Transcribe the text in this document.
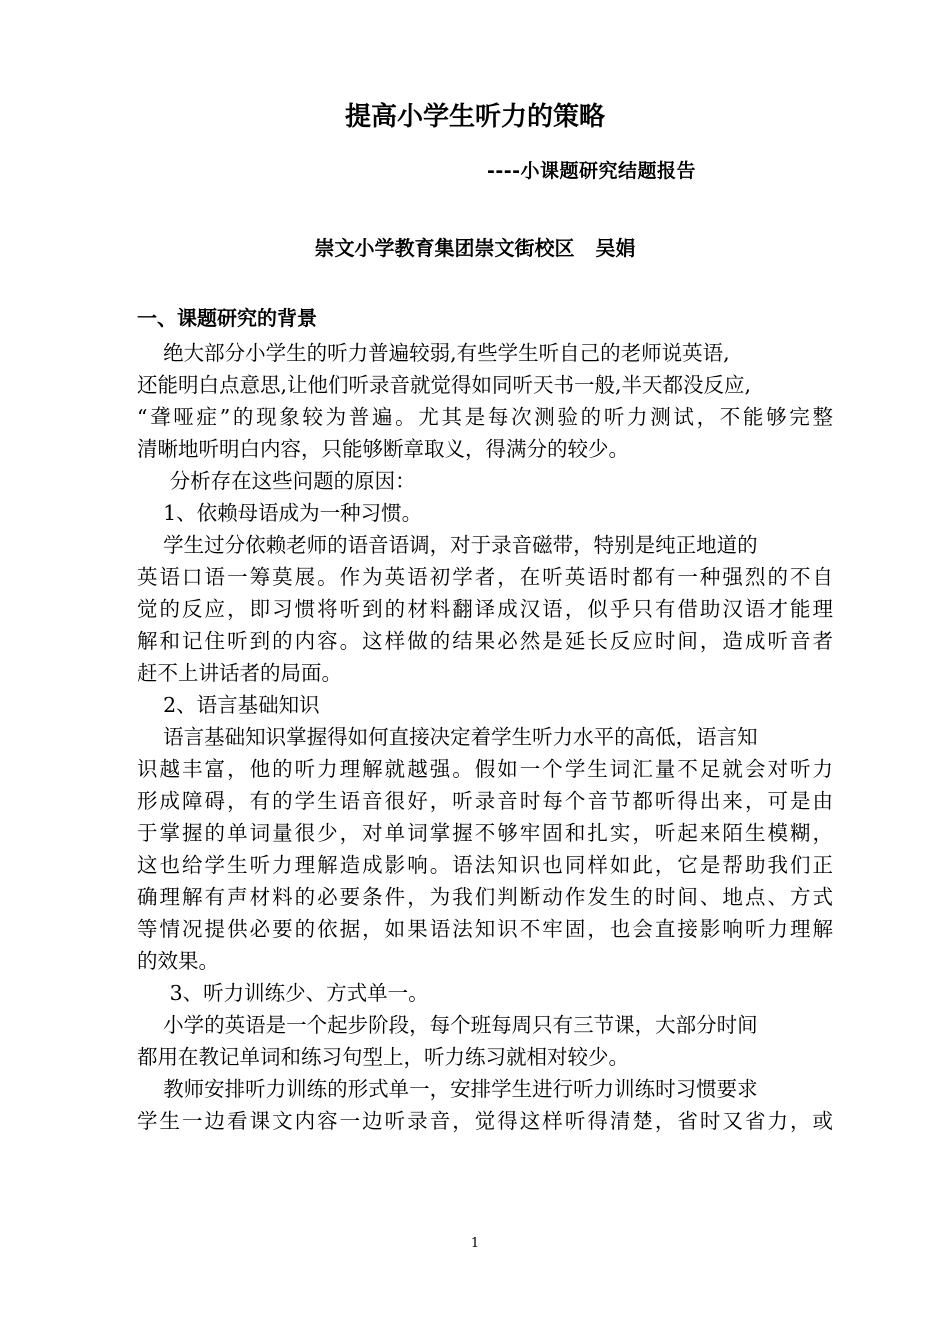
提高小学生听力的策略
----小课题研究结题报告
崇文小学教育集团崇文街校区   吴娟
一、课题研究的背景
绝大部分小学生的听力普遍较弱,有些学生听自己的老师说英语,
还能明白点意思,让他们听录音就觉得如同听天书一般,半天都没反应,
“聋哑症”的现象较为普遍。尤其是每次测验的听力测试，不能够完整
清晰地听明白内容，只能够断章取义，得满分的较少。
分析存在这些问题的原因：
1、依赖母语成为一种习惯。
学生过分依赖老师的语音语调，对于录音磁带，特别是纯正地道的
英语口语一筹莫展。作为英语初学者，在听英语时都有一种强烈的不自
觉的反应，即习惯将听到的材料翻译成汉语，似乎只有借助汉语才能理
解和记住听到的内容。这样做的结果必然是延长反应时间，造成听音者
赶不上讲话者的局面。
2、语言基础知识
语言基础知识掌握得如何直接决定着学生听力水平的高低，语言知
识越丰富，他的听力理解就越强。假如一个学生词汇量不足就会对听力
形成障碍，有的学生语音很好，听录音时每个音节都听得出来，可是由
于掌握的单词量很少，对单词掌握不够牢固和扎实，听起来陌生模糊，
这也给学生听力理解造成影响。语法知识也同样如此，它是帮助我们正
确理解有声材料的必要条件，为我们判断动作发生的时间、地点、方式
等情况提供必要的依据，如果语法知识不牢固，也会直接影响听力理解
的效果。
3、听力训练少、方式单一。
小学的英语是一个起步阶段，每个班每周只有三节课，大部分时间
都用在教记单词和练习句型上，听力练习就相对较少。
教师安排听力训练的形式单一，安排学生进行听力训练时习惯要求
学生一边看课文内容一边听录音，觉得这样听得清楚，省时又省力，或
1
